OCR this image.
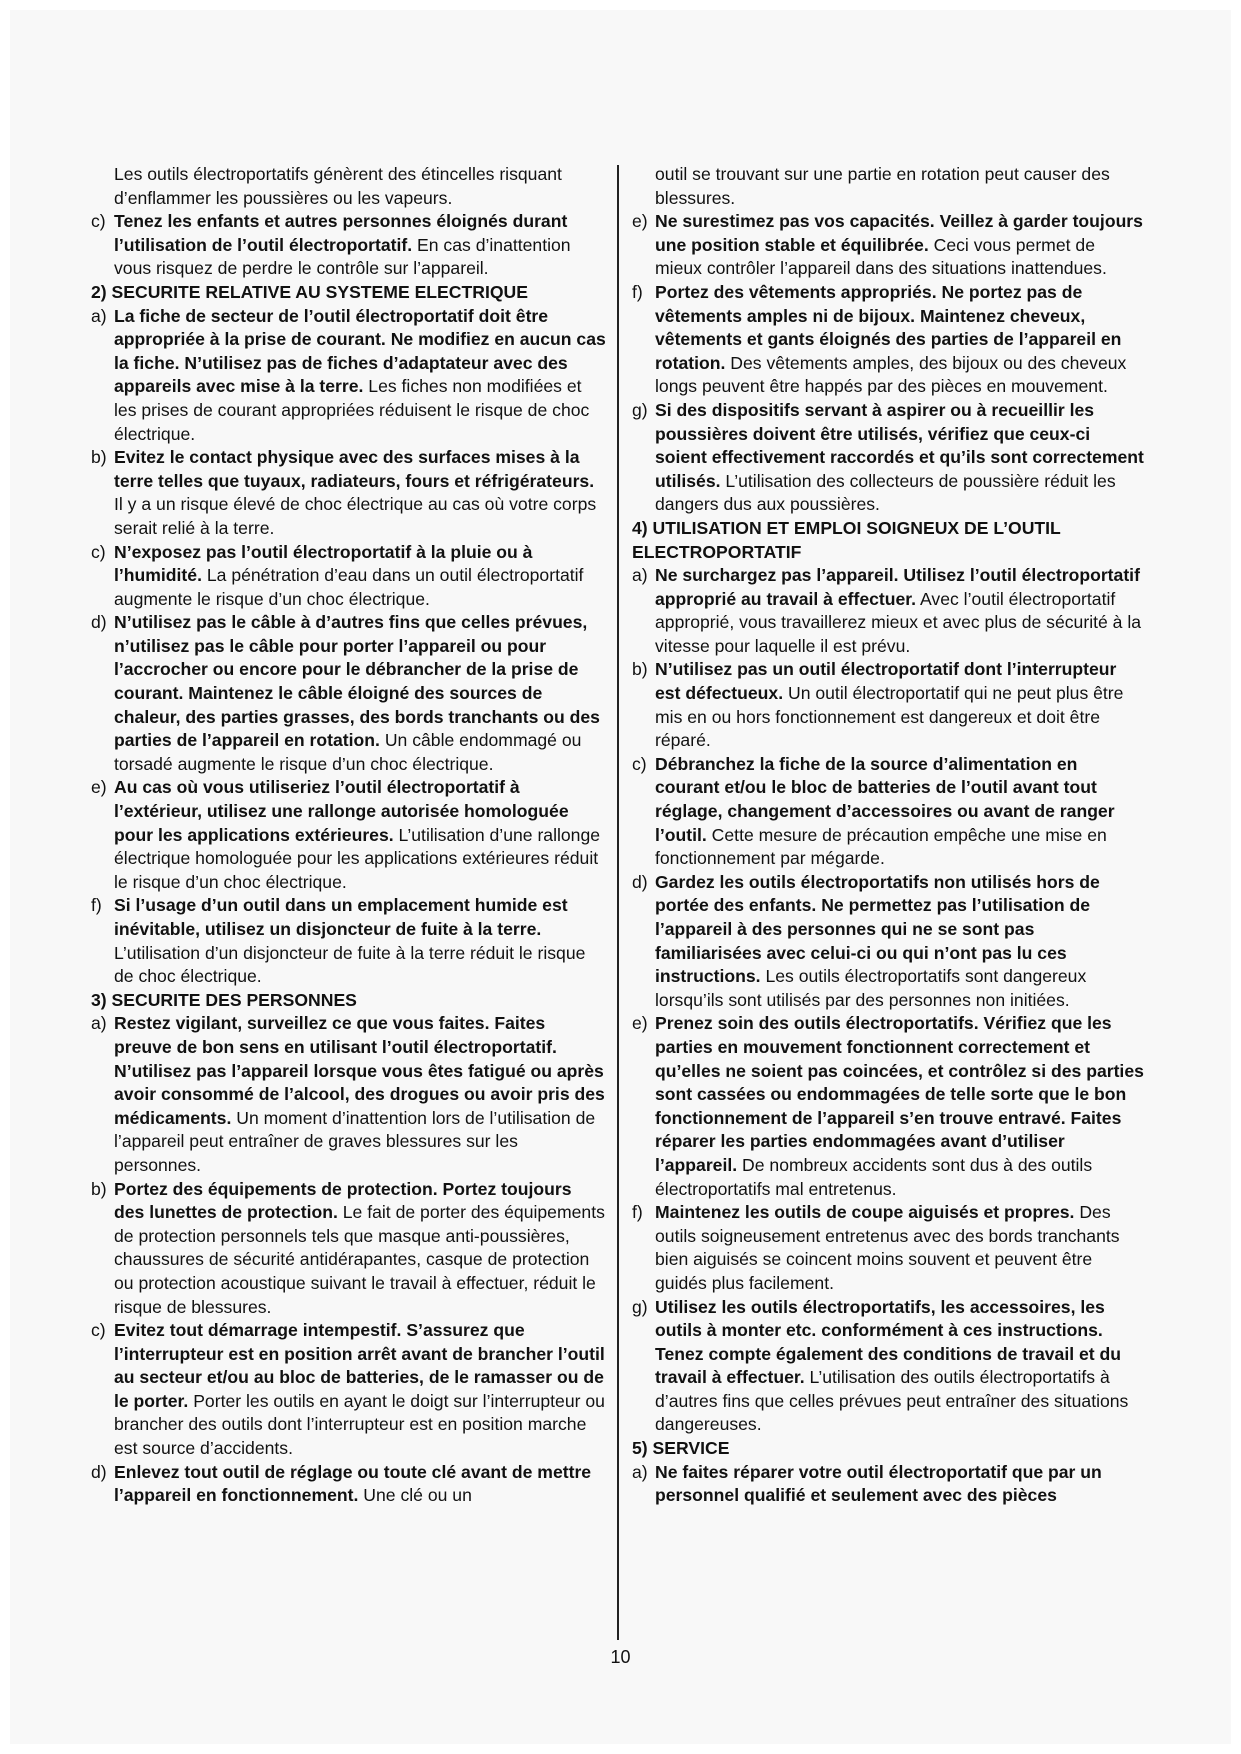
Les outils électroportatifs génèrent des étincelles risquant d’enflammer les poussières ou les vapeurs.
c) Tenez les enfants et autres personnes éloignés durant l’utilisation de l’outil électroportatif. En cas d’inattention vous risquez de perdre le contrôle sur l’appareil.
2) SECURITE RELATIVE AU SYSTEME ELECTRIQUE
a) La fiche de secteur de l’outil électroportatif doit être appropriée à la prise de courant. Ne modifiez en aucun cas la fiche. N’utilisez pas de fiches d’adaptateur avec des appareils avec mise à la terre. Les fiches non modifiées et les prises de courant appropriées réduisent le risque de choc électrique.
b) Evitez le contact physique avec des surfaces mises à la terre telles que tuyaux, radiateurs, fours et réfrigérateurs. Il y a un risque élevé de choc électrique au cas où votre corps serait relié à la terre.
c) N’exposez pas l’outil électroportatif à la pluie ou à l’humidité. La pénétration d’eau dans un outil électroportatif augmente le risque d’un choc électrique.
d) N’utilisez pas le câble à d’autres fins que celles prévues, n’utilisez pas le câble pour porter l’appareil ou pour l’accrocher ou encore pour le débrancher de la prise de courant. Maintenez le câble éloigné des sources de chaleur, des parties grasses, des bords tranchants ou des parties de l’appareil en rotation. Un câble endommagé ou torsadé augmente le risque d’un choc électrique.
e) Au cas où vous utiliseriez l’outil électroportatif à l’extérieur, utilisez une rallonge autorisée homologuée pour les applications extérieures. L’utilisation d’une rallonge électrique homologuée pour les applications extérieures réduit le risque d’un choc électrique.
f) Si l’usage d’un outil dans un emplacement humide est inévitable, utilisez un disjoncteur de fuite à la terre. L’utilisation d’un disjoncteur de fuite à la terre réduit le risque de choc électrique.
3) SECURITE DES PERSONNES
a) Restez vigilant, surveillez ce que vous faites. Faites preuve de bon sens en utilisant l’outil électroportatif. N’utilisez pas l’appareil lorsque vous êtes fatigué ou après avoir consommé de l’alcool, des drogues ou avoir pris des médicaments. Un moment d’inattention lors de l’utilisation de l’appareil peut entraîner de graves blessures sur les personnes.
b) Portez des équipements de protection. Portez toujours des lunettes de protection. Le fait de porter des équipements de protection personnels tels que masque anti-poussières, chaussures de sécurité antidérapantes, casque de protection ou protection acoustique suivant le travail à effectuer, réduit le risque de blessures.
c) Evitez tout démarrage intempestif. S’assurez que l’interrupteur est en position arrêt avant de brancher l’outil au secteur et/ou au bloc de batteries, de le ramasser ou de le porter. Porter les outils en ayant le doigt sur l’interrupteur ou brancher des outils dont l’interrupteur est en position marche est source d’accidents.
d) Enlevez tout outil de réglage ou toute clé avant de mettre l’appareil en fonctionnement. Une clé ou un
outil se trouvant sur une partie en rotation peut causer des blessures.
e) Ne surestimez pas vos capacités. Veillez à garder toujours une position stable et équilibrée. Ceci vous permet de mieux contrôler l’appareil dans des situations inattendues.
f) Portez des vêtements appropriés. Ne portez pas de vêtements amples ni de bijoux. Maintenez cheveux, vêtements et gants éloignés des parties de l’appareil en rotation. Des vêtements amples, des bijoux ou des cheveux longs peuvent être happés par des pièces en mouvement.
g) Si des dispositifs servant à aspirer ou à recueillir les poussières doivent être utilisés, vérifiez que ceux-ci soient effectivement raccordés et qu’ils sont correctement utilisés. L’utilisation des collecteurs de poussière réduit les dangers dus aux poussières.
4) UTILISATION ET EMPLOI SOIGNEUX DE L’OUTIL ELECTROPORTATIF
a) Ne surchargez pas l’appareil. Utilisez l’outil électroportatif approprié au travail à effectuer. Avec l’outil électroportatif approprié, vous travaillerez mieux et avec plus de sécurité à la vitesse pour laquelle il est prévu.
b) N’utilisez pas un outil électroportatif dont l’interrupteur est défectueux. Un outil électroportatif qui ne peut plus être mis en ou hors fonctionnement est dangereux et doit être réparé.
c) Débranchez la fiche de la source d’alimentation en courant et/ou le bloc de batteries de l’outil avant tout réglage, changement d’accessoires ou avant de ranger l’outil. Cette mesure de précaution empêche une mise en fonctionnement par mégarde.
d) Gardez les outils électroportatifs non utilisés hors de portée des enfants. Ne permettez pas l’utilisation de l’appareil à des personnes qui ne se sont pas familiarisées avec celui-ci ou qui n’ont pas lu ces instructions. Les outils électroportatifs sont dangereux lorsqu’ils sont utilisés par des personnes non initiées.
e) Prenez soin des outils électroportatifs. Vérifiez que les parties en mouvement fonctionnent correctement et qu’elles ne soient pas coincées, et contrôlez si des parties sont cassées ou endommagées de telle sorte que le bon fonctionnement de l’appareil s’en trouve entravé. Faites réparer les parties endommagées avant d’utiliser l’appareil. De nombreux accidents sont dus à des outils électroportatifs mal entretenus.
f) Maintenez les outils de coupe aiguisés et propres. Des outils soigneusement entretenus avec des bords tranchants bien aiguisés se coincent moins souvent et peuvent être guidés plus facilement.
g) Utilisez les outils électroportatifs, les accessoires, les outils à monter etc. conformément à ces instructions. Tenez compte également des conditions de travail et du travail à effectuer. L’utilisation des outils électroportatifs à d’autres fins que celles prévues peut entraîner des situations dangereuses.
5) SERVICE
a) Ne faites réparer votre outil électroportatif que par un personnel qualifié et seulement avec des pièces
10
